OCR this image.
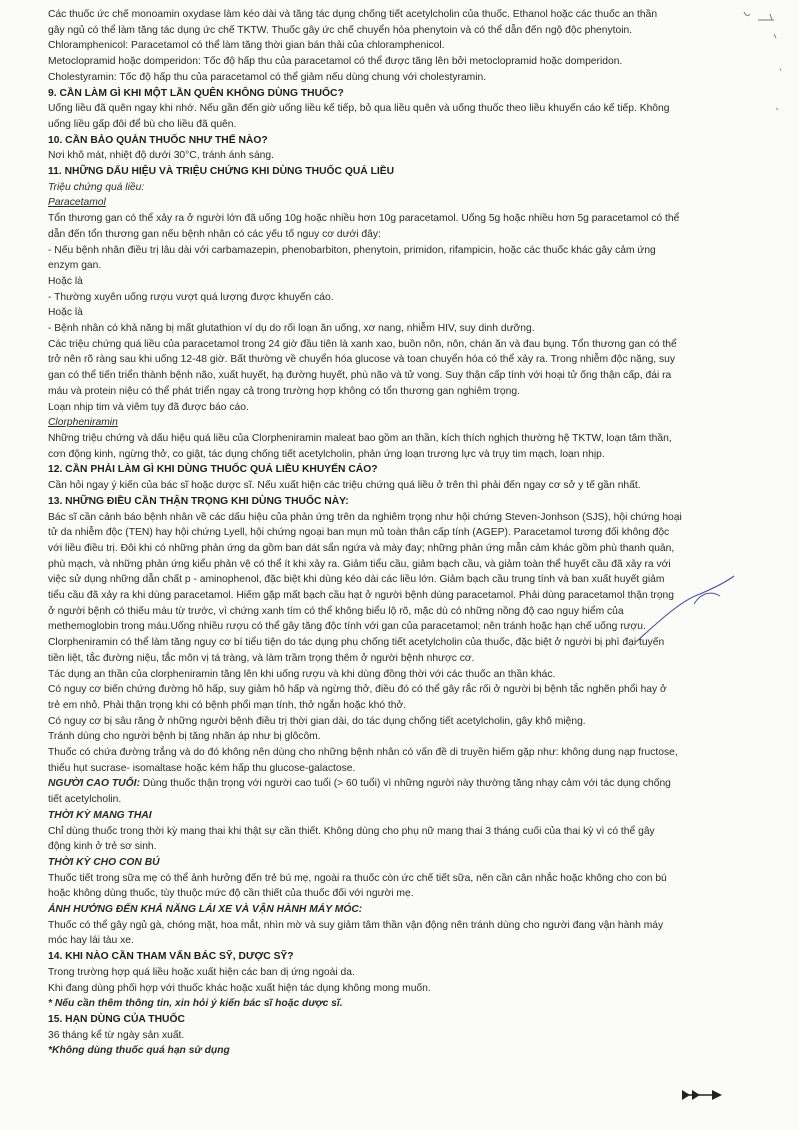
Các thuốc ức chế monoamin oxydase làm kéo dài và tăng tác dụng chống tiết acetylcholin của thuốc. Ethanol hoặc các thuốc an thần

gây ngủ có thể làm tăng tác dụng ức chế TKTW. Thuốc gây ức chế chuyển hóa phenytoin và có thể dẫn đến ngộ độc phenytoin.

Chloramphenicol: Paracetamol có thể làm tăng thời gian bán thải của chloramphenicol.

Metoclopramid hoặc domperidon: Tốc độ hấp thu của paracetamol có thể được tăng lên bởi metoclopramid hoặc domperidon.

Cholestyramin: Tốc độ hấp thu của paracetamol có thể giảm nếu dùng chung với cholestyramin.

9. CẦN LÀM GÌ KHI MỘT LẦN QUÊN KHÔNG DÙNG THUỐC?

Uống liều đã quên ngay khi nhớ. Nếu gần đến giờ uống liều kế tiếp, bỏ qua liều quên và uống thuốc theo liều khuyến cáo kế tiếp. Không

uống liều gấp đôi để bù cho liều đã quên.

10. CẦN BẢO QUẢN THUỐC NHƯ THẾ NÀO?

Nơi khô mát, nhiệt độ dưới 30°C, tránh ánh sáng.

11. NHỮNG DẤU HIỆU VÀ TRIỆU CHỨNG KHI DÙNG THUỐC QUÁ LIỀU

Triệu chứng quá liều:

Paracetamol

Tổn thương gan có thể xảy ra ở người lớn đã uống 10g hoặc nhiều hơn 10g paracetamol. Uống 5g hoặc nhiều hơn 5g paracetamol có thể

dẫn đến tổn thương gan nếu bệnh nhân có các yếu tố nguy cơ dưới đây:

- Nếu bệnh nhân điều trị lâu dài với carbamazepin, phenobarbiton, phenytoin, primidon, rifampicin, hoặc các thuốc khác gây cảm ứng

enzym gan.

Hoặc là

- Thường xuyên uống rượu vượt quá lượng được khuyến cáo.

Hoặc là

- Bệnh nhân có khả năng bị mất glutathion ví dụ do rối loạn ăn uống, xơ nang, nhiễm HIV, suy dinh dưỡng.

Các triệu chứng quá liều của paracetamol trong 24 giờ đầu tiên là xanh xao, buồn nôn, nôn, chán ăn và đau bụng. Tổn thương gan có thể

trở nên rõ ràng sau khi uống 12-48 giờ. Bất thường về chuyển hóa glucose và toan chuyển hóa có thể xảy ra. Trong nhiễm độc nặng, suy

gan có thể tiến triển thành bệnh não, xuất huyết, hạ đường huyết, phù não và tử vong. Suy thận cấp tính với hoại tử ống thận cấp, đái ra

máu và protein niệu có thể phát triển ngay cả trong trường hợp không có tổn thương gan nghiêm trọng.

Loạn nhịp tim và viêm tụy đã được báo cáo.

Clorpheniramin

Những triệu chứng và dấu hiệu quá liều của Clorpheniramin maleat bao gồm an thần, kích thích nghịch thường hệ TKTW, loạn tâm thần,

cơn động kinh, ngừng thở, co giật, tác dụng chống tiết acetylcholin, phản ứng loạn trương lực và trụy tim mạch, loạn nhịp.

12. CẦN PHẢI LÀM GÌ KHI DÙNG THUỐC QUÁ LIỀU KHUYẾN CÁO?

Cần hỏi ngay ý kiến của bác sĩ hoặc dược sĩ. Nếu xuất hiện các triệu chứng quá liều ở trên thì phải đến ngay cơ sở y tế gần nhất.

13. NHỮNG ĐIỀU CẦN THẬN TRỌNG KHI DÙNG THUỐC NÀY:

Bác sĩ cần cảnh báo bệnh nhân về các dấu hiệu của phản ứng trên da nghiêm trọng như hội chứng Steven-Jonhson (SJS), hội chứng hoại

tử da nhiễm độc (TEN) hay hội chứng Lyell, hội chứng ngoại ban mụn mủ toàn thân cấp tính (AGEP). Paracetamol tương đối không độc

với liều điều trị. Đôi khi có những phản ứng da gồm ban dát sẩn ngứa và mày đay; những phản ứng mẫn cảm khác gồm phù thanh quản,

phù mạch, và những phản ứng kiểu phản vệ có thể ít khi xảy ra. Giảm tiểu cầu, giảm bạch cầu, và giảm toàn thể huyết cầu đã xảy ra với

việc sử dụng những dẫn chất p - aminophenol, đặc biệt khi dùng kéo dài các liều lớn. Giảm bạch cầu trung tính và ban xuất huyết giảm

tiểu cầu đã xảy ra khi dùng paracetamol. Hiếm gặp mất bạch cầu hạt ở người bệnh dùng paracetamol. Phải dùng paracetamol thận trọng

ở người bệnh có thiếu máu từ trước, vì chứng xanh tím có thể không biểu lộ rõ, mặc dù có những nồng độ cao nguy hiểm của

methemoglobin trong máu.Uống nhiều rượu có thể gây tăng độc tính với gan của paracetamol; nên tránh hoặc hạn chế uống rượu.

Clorpheniramin có thể làm tăng nguy cơ bí tiểu tiện do tác dụng phụ chống tiết acetylcholin của thuốc, đặc biệt ở người bị phì đại tuyến

tiền liệt, tắc đường niệu, tắc môn vị tá tràng, và làm trầm trọng thêm ở người bệnh nhược cơ.

Tác dụng an thần của clorpheniramin tăng lên khi uống rượu và khi dùng đồng thời với các thuốc an thần khác.

Có nguy cơ biến chứng đường hô hấp, suy giảm hô hấp và ngừng thở, điều đó có thể gây rắc rối ở người bị bệnh tắc nghẽn phổi hay ở

trẻ em nhỏ. Phải thận trọng khi có bệnh phổi mạn tính, thở ngắn hoặc khó thở.

Có nguy cơ bị sâu răng ở những người bệnh điều trị thời gian dài, do tác dụng chống tiết acetylcholin, gây khô miệng.

Tránh dùng cho người bệnh bị tăng nhãn áp như bị glôcôm.

Thuốc có chứa đường trắng và do đó không nên dùng cho những bệnh nhân có vấn đề di truyền hiếm gặp như: không dung nạp fructose,

thiếu hụt sucrase- isomaltase hoặc kém hấp thu glucose-galactose.

NGƯỜI CAO TUỔI: Dùng thuốc thận trọng với người cao tuổi (> 60 tuổi) vì những người này thường tăng nhạy cảm với tác dụng chống

tiết acetylcholin.

THỜI KỲ MANG THAI

Chỉ dùng thuốc trong thời kỳ mang thai khi thật sự cần thiết. Không dùng cho phụ nữ mang thai 3 tháng cuối của thai kỳ vì có thể gây

động kinh ở trẻ sơ sinh.

THỜI KỲ CHO CON BÚ

Thuốc tiết trong sữa mẹ có thể ảnh hưởng đến trẻ bú mẹ, ngoài ra thuốc còn ức chế tiết sữa, nên cần cân nhắc hoặc không cho con bú

hoặc không dùng thuốc, tùy thuộc mức độ cần thiết của thuốc đối với người mẹ.

ẢNH HƯỞNG ĐẾN KHẢ NĂNG LÁI XE VÀ VẬN HÀNH MÁY MÓC:

Thuốc có thể gây ngủ gà, chóng mặt, hoa mắt, nhìn mờ và suy giảm tâm thần vận động nên tránh dùng cho người đang vận hành máy

móc hay lái tàu xe.

14. KHI NÀO CẦN THAM VẤN BÁC SỸ, DƯỢC SỸ?

Trong trường hợp quá liều hoặc xuất hiện các ban dị ứng ngoài da.

Khi đang dùng phối hợp với thuốc khác hoặc xuất hiện tác dụng không mong muốn.

* Nếu cần thêm thông tin, xin hỏi ý kiến bác sĩ hoặc dược sĩ.

15. HẠN DÙNG CỦA THUỐC

36 tháng kể từ ngày sản xuất.

*Không dùng thuốc quá hạn sử dụng
